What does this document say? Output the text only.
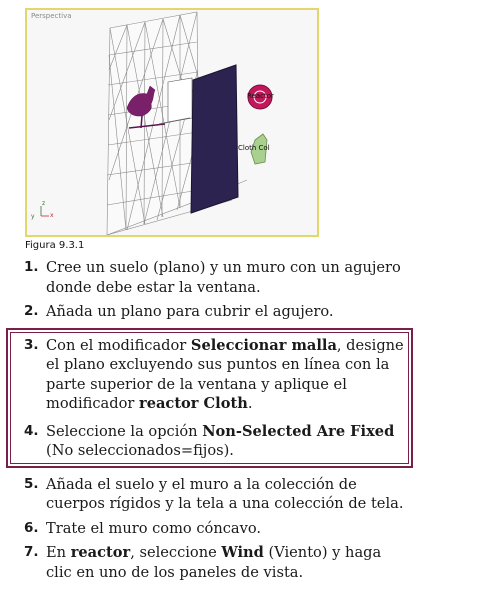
Perspectiva
Reactor
Cloth Col
z
y	x
Figura 9.3.1
1. Cree un suelo (plano) y un muro con un agujero donde debe estar la ventana.
2. Añada un plano para cubrir el agujero.
3. Con el modificador Seleccionar malla, designe el plano excluyendo sus puntos en línea con la parte superior de la ventana y aplique el modificador reactor Cloth.
4. Seleccione la opción Non-Selected Are Fixed (No seleccionados=fijos).
5. Añada el suelo y el muro a la colección de cuerpos rígidos y la tela a una colección de tela.
6. Trate el muro como cóncavo.
7. En reactor, seleccione Wind (Viento) y haga clic en uno de los paneles de vista.
